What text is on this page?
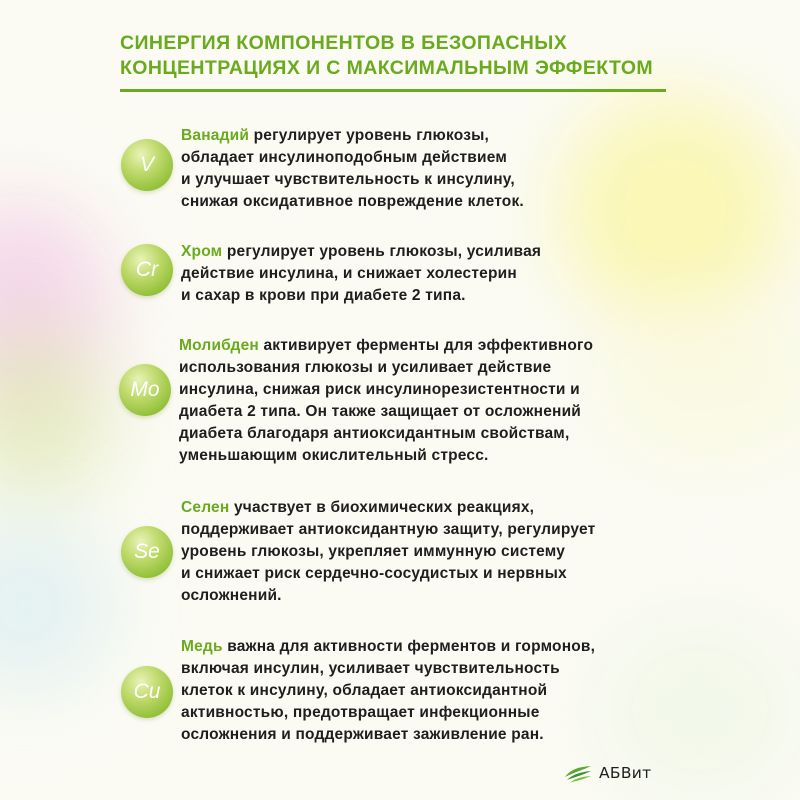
СИНЕРГИЯ КОМПОНЕНТОВ В БЕЗОПАСНЫХ
КОНЦЕНТРАЦИЯХ И С МАКСИМАЛЬНЫМ ЭФФЕКТОМ
V

Ванадий регулирует уровень глюкозы,
обладает инсулиноподобным действием
и улучшает чувствительность к инсулину,
снижая оксидативное повреждение клеток.

Cr

Хром регулирует уровень глюкозы, усиливая
действие инсулина, и снижает холестерин
и сахар в крови при диабете 2 типа.

Mo

Молибден активирует ферменты для эффективного
использования глюкозы и усиливает действие
инсулина, снижая риск инсулинорезистентности и
диабета 2 типа. Он также защищает от осложнений
диабета благодаря антиоксидантным свойствам,
уменьшающим окислительный стресс.

Se

Селен участвует в биохимических реакциях,
поддерживает антиоксидантную защиту, регулирует
уровень глюкозы, укрепляет иммунную систему
и снижает риск сердечно-сосудистых и нервных
осложнений.

Cu

Медь важна для активности ферментов и гормонов,
включая инсулин, усиливает чувствительность
клеток к инсулину, обладает антиоксидантной
активностью, предотвращает инфекционные
осложнения и поддерживает заживление ран.

АБВит
